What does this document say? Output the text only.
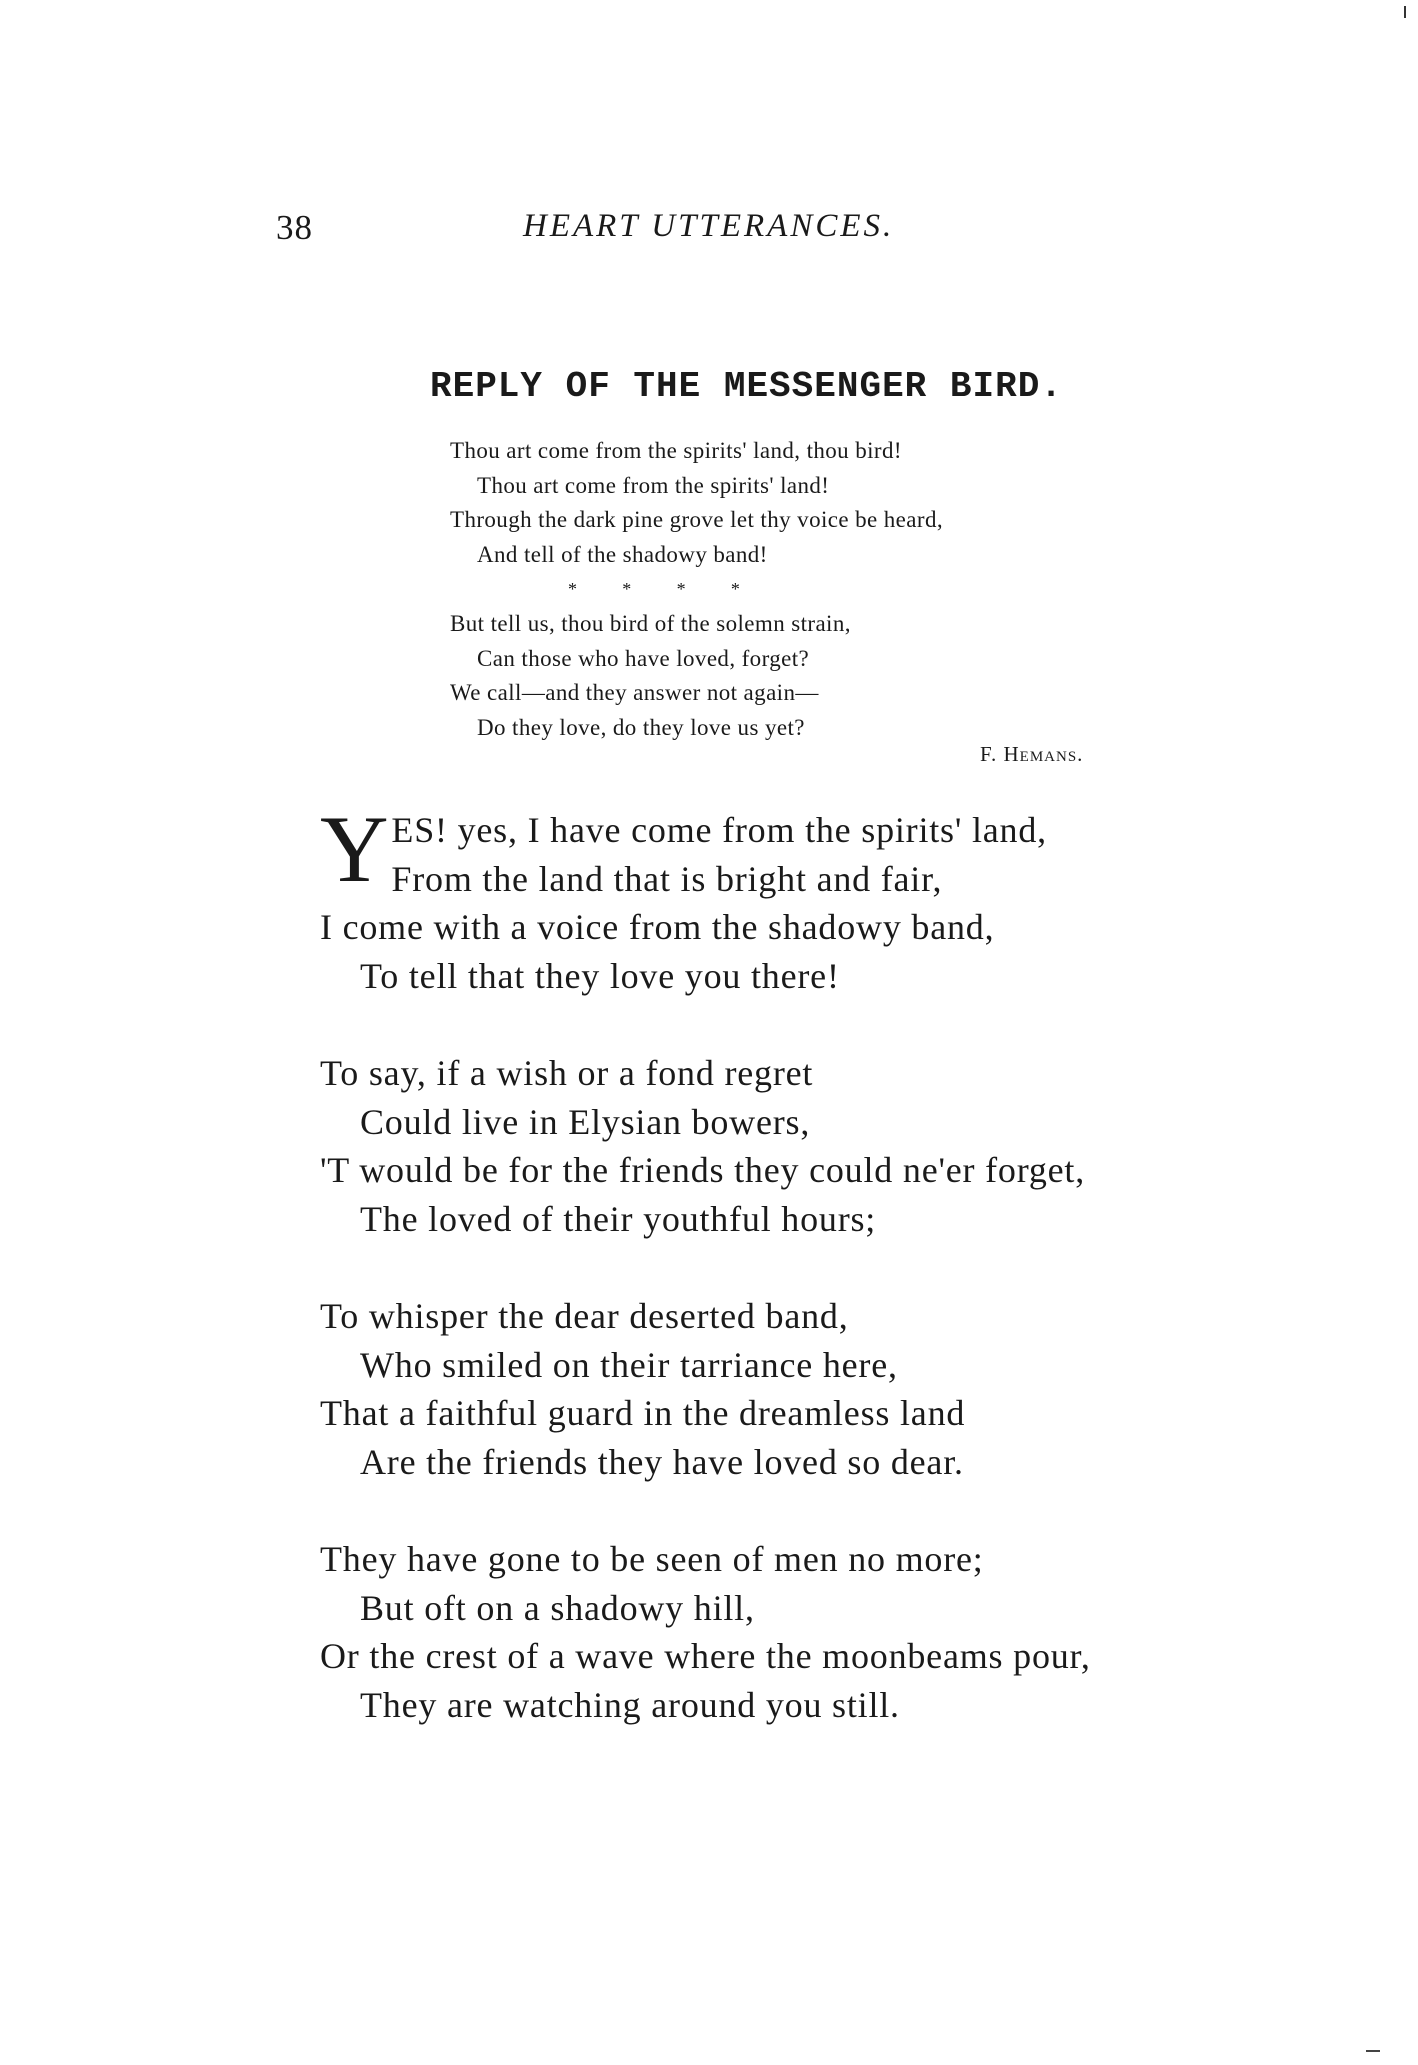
38	HEART UTTERANCES.
REPLY OF THE MESSENGER BIRD.
Thou art come from the spirits' land, thou bird!
Thou art come from the spirits' land!
Through the dark pine grove let thy voice be heard,
And tell of the shadowy band!
* * * *
But tell us, thou bird of the solemn strain,
Can those who have loved, forget?
We call—and they answer not again—
Do they love, do they love us yet?
F. Hemans.
Y ES! yes, I have come from the spirits' land,
From the land that is bright and fair,
I come with a voice from the shadowy band,
To tell that they love you there!
To say, if a wish or a fond regret
Could live in Elysian bowers,
'T would be for the friends they could ne'er forget,
The loved of their youthful hours;
To whisper the dear deserted band,
Who smiled on their tarriance here,
That a faithful guard in the dreamless land
Are the friends they have loved so dear.
They have gone to be seen of men no more;
But oft on a shadowy hill,
Or the crest of a wave where the moonbeams pour,
They are watching around you still.
